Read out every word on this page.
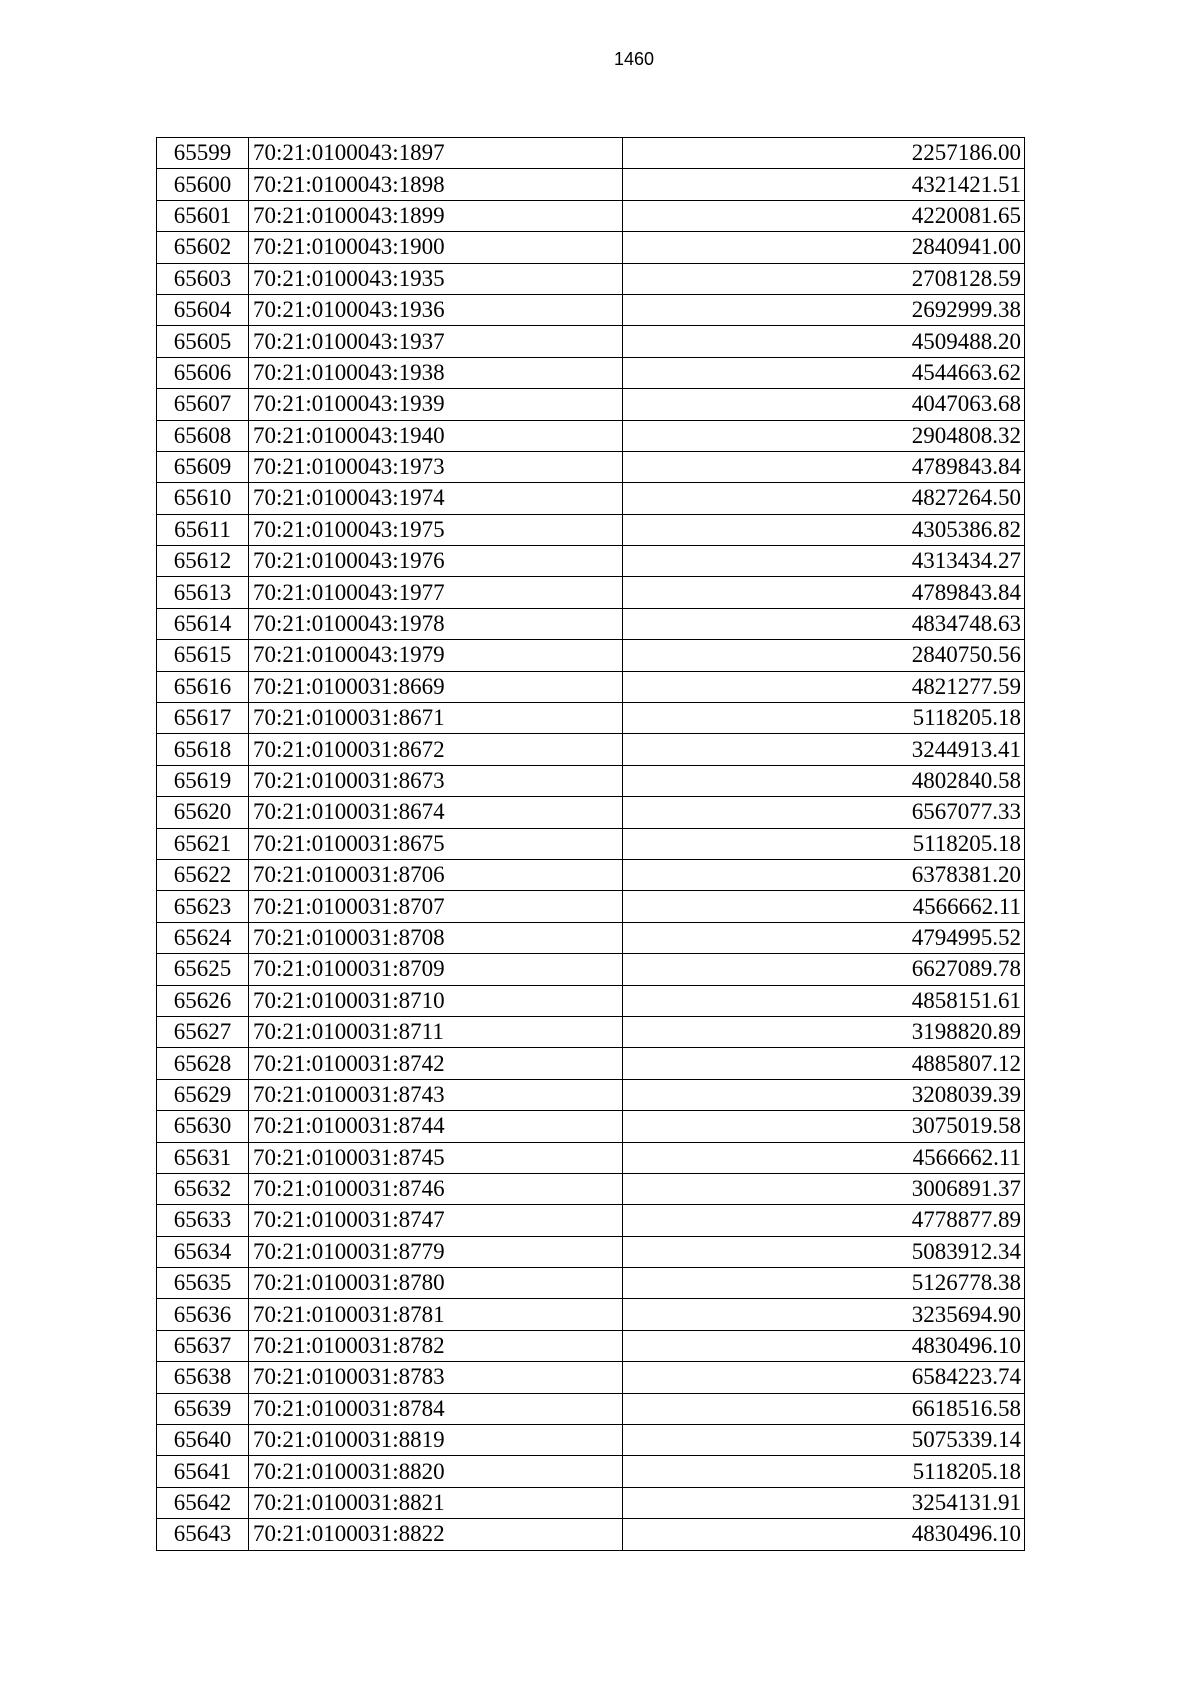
1460
65599	70:21:0100043:1897	2257186.00
65600	70:21:0100043:1898	4321421.51
65601	70:21:0100043:1899	4220081.65
65602	70:21:0100043:1900	2840941.00
65603	70:21:0100043:1935	2708128.59
65604	70:21:0100043:1936	2692999.38
65605	70:21:0100043:1937	4509488.20
65606	70:21:0100043:1938	4544663.62
65607	70:21:0100043:1939	4047063.68
65608	70:21:0100043:1940	2904808.32
65609	70:21:0100043:1973	4789843.84
65610	70:21:0100043:1974	4827264.50
65611	70:21:0100043:1975	4305386.82
65612	70:21:0100043:1976	4313434.27
65613	70:21:0100043:1977	4789843.84
65614	70:21:0100043:1978	4834748.63
65615	70:21:0100043:1979	2840750.56
65616	70:21:0100031:8669	4821277.59
65617	70:21:0100031:8671	5118205.18
65618	70:21:0100031:8672	3244913.41
65619	70:21:0100031:8673	4802840.58
65620	70:21:0100031:8674	6567077.33
65621	70:21:0100031:8675	5118205.18
65622	70:21:0100031:8706	6378381.20
65623	70:21:0100031:8707	4566662.11
65624	70:21:0100031:8708	4794995.52
65625	70:21:0100031:8709	6627089.78
65626	70:21:0100031:8710	4858151.61
65627	70:21:0100031:8711	3198820.89
65628	70:21:0100031:8742	4885807.12
65629	70:21:0100031:8743	3208039.39
65630	70:21:0100031:8744	3075019.58
65631	70:21:0100031:8745	4566662.11
65632	70:21:0100031:8746	3006891.37
65633	70:21:0100031:8747	4778877.89
65634	70:21:0100031:8779	5083912.34
65635	70:21:0100031:8780	5126778.38
65636	70:21:0100031:8781	3235694.90
65637	70:21:0100031:8782	4830496.10
65638	70:21:0100031:8783	6584223.74
65639	70:21:0100031:8784	6618516.58
65640	70:21:0100031:8819	5075339.14
65641	70:21:0100031:8820	5118205.18
65642	70:21:0100031:8821	3254131.91
65643	70:21:0100031:8822	4830496.10
